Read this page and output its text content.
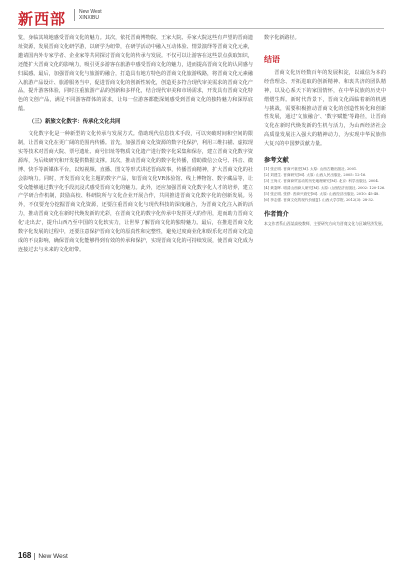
新西部	New West
XINXIBU

览，身临其境地感受晋商文化的魅力。其次，依托晋商博物院、王家大院、乔家大院这些有声望的晋商遗址资源，发展晋商文化研学游，以研学为纽带，在研学活动中融入互动体验、情景演绎等晋商文化元素，邀请国内外专家学者、企业家等共同探讨晋商文化的传承与发展。不仅可以让游客在这些景点获取知识，还能扩大晋商文化的影响力，吸引更多游客在旅游中感受晋商文化的魅力，进而提高晋商文化的认同感与归属感。最后，加强晋商文化与旅游的融合，打造具有地方特色的晋商文化旅游线路，将晋商文化元素融入旅游产品设计、旅游服务当中，促进晋商文化的创新性转化，创造更多符合现代审美需求的晋商文化产品，提升游客体验，同时注重旅游产品的创新和多样化，结合现代审美和市场需求，开发具有晋商文化特色的文创产品，满足不同游客群体的需求，让每一位游客都能深刻感受到晋商文化的独特魅力和深厚底蕴。

（三）新旅文化数字：传承化文化共同

文化数字化是一种新型的文化传承与发展方式。借助现代信息技术手段，可以突破时间和空间的限制，让晋商文化在更广阔的范围内传播。首先，加强晋商文化资源的数字化保护，利用三维扫描、虚拟现实等技术对晋商大院、票号遗址、商号旧址等物质文化遗产进行数字化采集和保存，建立晋商文化数字资源库，为后续研究和开发提供数据支撑。其次，推动晋商文化的数字化传播，借助微信公众号、抖音、微博、快手等新媒体平台，以短视频、直播、图文等形式讲述晋商故事，传播晋商精神，扩大晋商文化的社会影响力。同时，开发晋商文化主题的数字产品，如晋商文化VR体验馆、线上博物馆、数字藏品等，让受众能够通过数字化手段沉浸式感受晋商文化的魅力。此外，还应加强晋商文化数字化人才的培养，建立产学研合作机制，鼓励高校、科研院所与文化企业开展合作，共同推进晋商文化数字化的创新发展。另外，不仅要充分挖掘晋商文化资源，还要注重晋商文化与现代科技的深度融合，为晋商文化注入新的活力，推动晋商文化在新时代焕发新的光彩，在晋商文化的数字化传承中发挥更大的作用，进而助力晋商文化'走出去'，提升山西乃至中国的文化软实力，让世界了解晋商文化的独特魅力。最后，在推进晋商文化数字化发展的过程中，还要注意保护晋商文化的原真性和完整性，避免过度商业化和娱乐化对晋商文化造成的不良影响，确保晋商文化能够得到有效的传承和保护，实现晋商文化的可持续发展，使晋商文化成为连接过去与未来的文化纽带。

数字化新路径。

结语

晋商文化历经数百年的发展积淀，以诚信为本的经营理念、开拓进取的创新精神、和衷共济的团队精神，以及心系天下的家国情怀，在中华民族的历史中熠熠生辉。新时代背景下，晋商文化面临着新的机遇与挑战，需要积极推动晋商文化的创造性转化和创新性发展，通过'文旅融合'、'数字赋能'等路径，让晋商文化在新时代焕发新的生机与活力，为山西经济社会高质量发展注入强大的精神动力，为实现中华民族伟大复兴的中国梦贡献力量。

参考文献
[1] 张正明. 晋商兴衰史[M]. 太原: 山西古籍出版社, 2001.
[2] 刘建生. 晋商研究[M]. 太原: 山西人民出版社, 2005: 12-16.
[3] 王尚义. 晋商商贸活动的历史地理研究[M]. 北京: 科学出版社, 2004.
[4] 黄鉴晖. 明清山西商人研究[M]. 太原: 山西经济出版社, 2002: 120-126.
[5] 张正明, 张舒. 晋商兴衰史[M]. 太原: 山西经济出版社, 2010: 45-48.
[6] 李志强. 晋商文化的现代价值[J]. 山西大学学报, 2012(3): 28-32.
作者简介
本文作者系山西某高校教师，主要研究方向为晋商文化与区域经济发展。
168 New West
